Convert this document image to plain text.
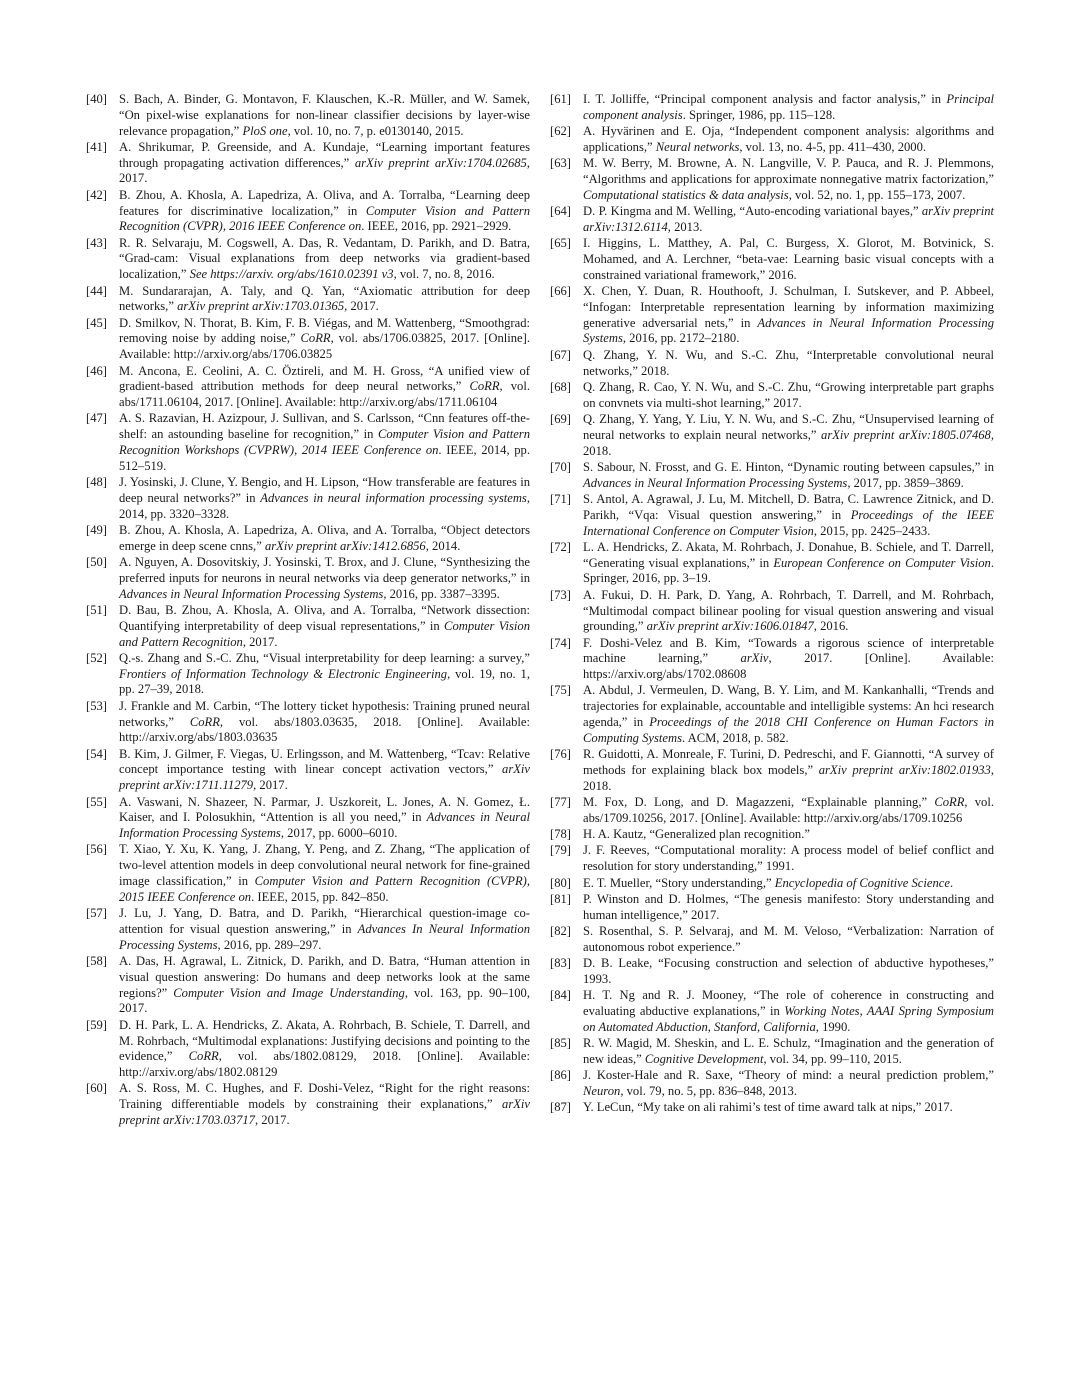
[40] S. Bach, A. Binder, G. Montavon, F. Klauschen, K.-R. Müller, and W. Samek, “On pixel-wise explanations for non-linear classifier decisions by layer-wise relevance propagation,” PloS one, vol. 10, no. 7, p. e0130140, 2015.
[41] A. Shrikumar, P. Greenside, and A. Kundaje, “Learning important features through propagating activation differences,” arXiv preprint arXiv:1704.02685, 2017.
[42] B. Zhou, A. Khosla, A. Lapedriza, A. Oliva, and A. Torralba, “Learning deep features for discriminative localization,” in Computer Vision and Pattern Recognition (CVPR), 2016 IEEE Conference on. IEEE, 2016, pp. 2921–2929.
[43] R. R. Selvaraju, M. Cogswell, A. Das, R. Vedantam, D. Parikh, and D. Batra, “Grad-cam: Visual explanations from deep networks via gradient-based localization,” See https://arxiv. org/abs/1610.02391 v3, vol. 7, no. 8, 2016.
[44] M. Sundararajan, A. Taly, and Q. Yan, “Axiomatic attribution for deep networks,” arXiv preprint arXiv:1703.01365, 2017.
[45] D. Smilkov, N. Thorat, B. Kim, F. B. Viégas, and M. Wattenberg, “Smoothgrad: removing noise by adding noise,” CoRR, vol. abs/1706.03825, 2017. [Online]. Available: http://arxiv.org/abs/1706.03825
[46] M. Ancona, E. Ceolini, A. C. Öztireli, and M. H. Gross, “A unified view of gradient-based attribution methods for deep neural networks,” CoRR, vol. abs/1711.06104, 2017. [Online]. Available: http://arxiv.org/abs/1711.06104
[47] A. S. Razavian, H. Azizpour, J. Sullivan, and S. Carlsson, “Cnn features off-the-shelf: an astounding baseline for recognition,” in Computer Vision and Pattern Recognition Workshops (CVPRW), 2014 IEEE Conference on. IEEE, 2014, pp. 512–519.
[48] J. Yosinski, J. Clune, Y. Bengio, and H. Lipson, “How transferable are features in deep neural networks?” in Advances in neural information processing systems, 2014, pp. 3320–3328.
[49] B. Zhou, A. Khosla, A. Lapedriza, A. Oliva, and A. Torralba, “Object detectors emerge in deep scene cnns,” arXiv preprint arXiv:1412.6856, 2014.
[50] A. Nguyen, A. Dosovitskiy, J. Yosinski, T. Brox, and J. Clune, “Synthesizing the preferred inputs for neurons in neural networks via deep generator networks,” in Advances in Neural Information Processing Systems, 2016, pp. 3387–3395.
[51] D. Bau, B. Zhou, A. Khosla, A. Oliva, and A. Torralba, “Network dissection: Quantifying interpretability of deep visual representations,” in Computer Vision and Pattern Recognition, 2017.
[52] Q.-s. Zhang and S.-C. Zhu, “Visual interpretability for deep learning: a survey,” Frontiers of Information Technology & Electronic Engineering, vol. 19, no. 1, pp. 27–39, 2018.
[53] J. Frankle and M. Carbin, “The lottery ticket hypothesis: Training pruned neural networks,” CoRR, vol. abs/1803.03635, 2018. [Online]. Available: http://arxiv.org/abs/1803.03635
[54] B. Kim, J. Gilmer, F. Viegas, U. Erlingsson, and M. Wattenberg, “Tcav: Relative concept importance testing with linear concept activation vectors,” arXiv preprint arXiv:1711.11279, 2017.
[55] A. Vaswani, N. Shazeer, N. Parmar, J. Uszkoreit, L. Jones, A. N. Gomez, Ł. Kaiser, and I. Polosukhin, “Attention is all you need,” in Advances in Neural Information Processing Systems, 2017, pp. 6000–6010.
[56] T. Xiao, Y. Xu, K. Yang, J. Zhang, Y. Peng, and Z. Zhang, “The application of two-level attention models in deep convolutional neural network for fine-grained image classification,” in Computer Vision and Pattern Recognition (CVPR), 2015 IEEE Conference on. IEEE, 2015, pp. 842–850.
[57] J. Lu, J. Yang, D. Batra, and D. Parikh, “Hierarchical question-image co-attention for visual question answering,” in Advances In Neural Information Processing Systems, 2016, pp. 289–297.
[58] A. Das, H. Agrawal, L. Zitnick, D. Parikh, and D. Batra, “Human attention in visual question answering: Do humans and deep networks look at the same regions?” Computer Vision and Image Understanding, vol. 163, pp. 90–100, 2017.
[59] D. H. Park, L. A. Hendricks, Z. Akata, A. Rohrbach, B. Schiele, T. Darrell, and M. Rohrbach, “Multimodal explanations: Justifying decisions and pointing to the evidence,” CoRR, vol. abs/1802.08129, 2018. [Online]. Available: http://arxiv.org/abs/1802.08129
[60] A. S. Ross, M. C. Hughes, and F. Doshi-Velez, “Right for the right reasons: Training differentiable models by constraining their explanations,” arXiv preprint arXiv:1703.03717, 2017.
[61] I. T. Jolliffe, “Principal component analysis and factor analysis,” in Principal component analysis. Springer, 1986, pp. 115–128.
[62] A. Hyvärinen and E. Oja, “Independent component analysis: algorithms and applications,” Neural networks, vol. 13, no. 4-5, pp. 411–430, 2000.
[63] M. W. Berry, M. Browne, A. N. Langville, V. P. Pauca, and R. J. Plemmons, “Algorithms and applications for approximate nonnegative matrix factorization,” Computational statistics & data analysis, vol. 52, no. 1, pp. 155–173, 2007.
[64] D. P. Kingma and M. Welling, “Auto-encoding variational bayes,” arXiv preprint arXiv:1312.6114, 2013.
[65] I. Higgins, L. Matthey, A. Pal, C. Burgess, X. Glorot, M. Botvinick, S. Mohamed, and A. Lerchner, “beta-vae: Learning basic visual concepts with a constrained variational framework,” 2016.
[66] X. Chen, Y. Duan, R. Houthooft, J. Schulman, I. Sutskever, and P. Abbeel, “Infogan: Interpretable representation learning by information maximizing generative adversarial nets,” in Advances in Neural Information Processing Systems, 2016, pp. 2172–2180.
[67] Q. Zhang, Y. N. Wu, and S.-C. Zhu, “Interpretable convolutional neural networks,” 2018.
[68] Q. Zhang, R. Cao, Y. N. Wu, and S.-C. Zhu, “Growing interpretable part graphs on convnets via multi-shot learning,” 2017.
[69] Q. Zhang, Y. Yang, Y. Liu, Y. N. Wu, and S.-C. Zhu, “Unsupervised learning of neural networks to explain neural networks,” arXiv preprint arXiv:1805.07468, 2018.
[70] S. Sabour, N. Frosst, and G. E. Hinton, “Dynamic routing between capsules,” in Advances in Neural Information Processing Systems, 2017, pp. 3859–3869.
[71] S. Antol, A. Agrawal, J. Lu, M. Mitchell, D. Batra, C. Lawrence Zitnick, and D. Parikh, “Vqa: Visual question answering,” in Proceedings of the IEEE International Conference on Computer Vision, 2015, pp. 2425–2433.
[72] L. A. Hendricks, Z. Akata, M. Rohrbach, J. Donahue, B. Schiele, and T. Darrell, “Generating visual explanations,” in European Conference on Computer Vision. Springer, 2016, pp. 3–19.
[73] A. Fukui, D. H. Park, D. Yang, A. Rohrbach, T. Darrell, and M. Rohrbach, “Multimodal compact bilinear pooling for visual question answering and visual grounding,” arXiv preprint arXiv:1606.01847, 2016.
[74] F. Doshi-Velez and B. Kim, “Towards a rigorous science of interpretable machine learning,” arXiv, 2017. [Online]. Available: https://arxiv.org/abs/1702.08608
[75] A. Abdul, J. Vermeulen, D. Wang, B. Y. Lim, and M. Kankanhalli, “Trends and trajectories for explainable, accountable and intelligible systems: An hci research agenda,” in Proceedings of the 2018 CHI Conference on Human Factors in Computing Systems. ACM, 2018, p. 582.
[76] R. Guidotti, A. Monreale, F. Turini, D. Pedreschi, and F. Giannotti, “A survey of methods for explaining black box models,” arXiv preprint arXiv:1802.01933, 2018.
[77] M. Fox, D. Long, and D. Magazzeni, “Explainable planning,” CoRR, vol. abs/1709.10256, 2017. [Online]. Available: http://arxiv.org/abs/1709.10256
[78] H. A. Kautz, “Generalized plan recognition.”
[79] J. F. Reeves, “Computational morality: A process model of belief conflict and resolution for story understanding,” 1991.
[80] E. T. Mueller, “Story understanding,” Encyclopedia of Cognitive Science.
[81] P. Winston and D. Holmes, “The genesis manifesto: Story understanding and human intelligence,” 2017.
[82] S. Rosenthal, S. P. Selvaraj, and M. M. Veloso, “Verbalization: Narration of autonomous robot experience.”
[83] D. B. Leake, “Focusing construction and selection of abductive hypotheses,” 1993.
[84] H. T. Ng and R. J. Mooney, “The role of coherence in constructing and evaluating abductive explanations,” in Working Notes, AAAI Spring Symposium on Automated Abduction, Stanford, California, 1990.
[85] R. W. Magid, M. Sheskin, and L. E. Schulz, “Imagination and the generation of new ideas,” Cognitive Development, vol. 34, pp. 99–110, 2015.
[86] J. Koster-Hale and R. Saxe, “Theory of mind: a neural prediction problem,” Neuron, vol. 79, no. 5, pp. 836–848, 2013.
[87] Y. LeCun, “My take on ali rahimi’s test of time award talk at nips,” 2017.
